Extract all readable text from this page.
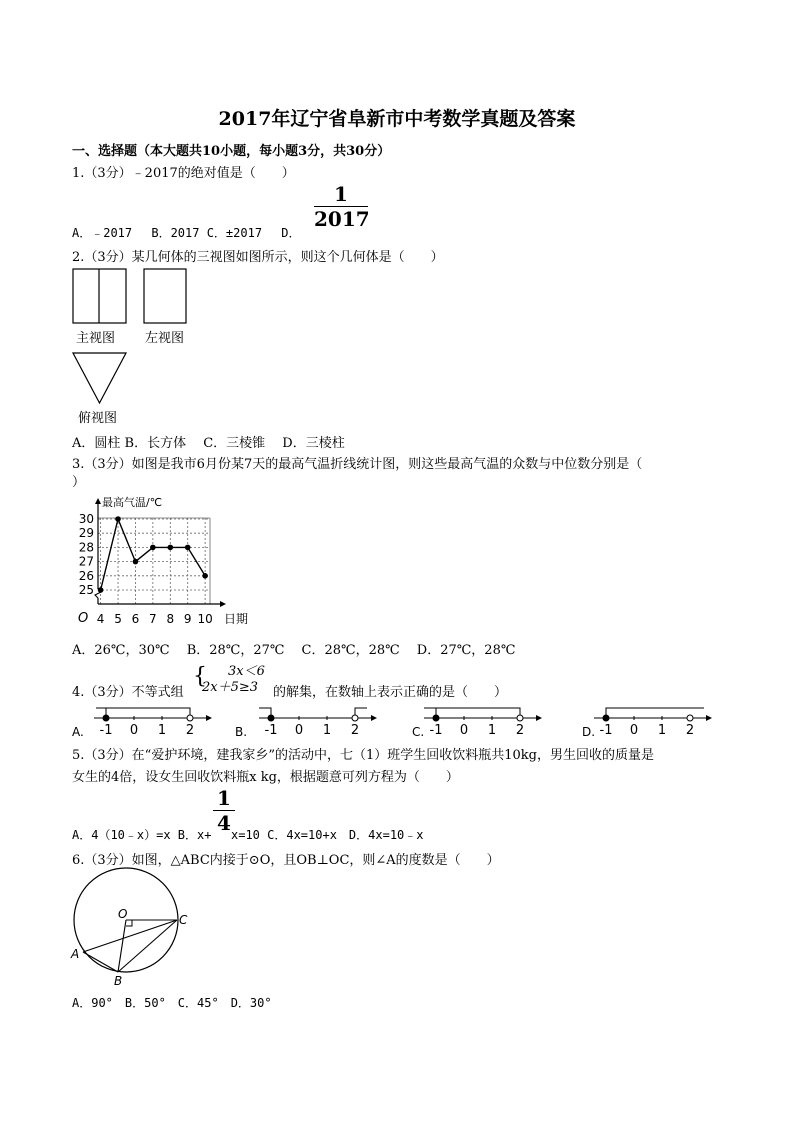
2017年辽宁省阜新市中考数学真题及答案
一、选择题（本大题共10小题，每小题3分，共30分）
1.（3分）﹣2017的绝对值是（　　）
$\frac{1}{2017}$
A．﹣2017　 B．2017 C．±2017　 D．
2.（3分）某几何体的三视图如图所示，则这个几何体是（　　）
主视图 左视图
俯视图
A．圆柱 B．长方体　 C．三棱锥　 D．三棱柱
3.（3分）如图是我市6月份某7天的最高气温折线统计图，则这些最高气温的众数与中位数分别是（
）
最高气温/℃
日期
O 4 5 6 7 8 9 10
25
26
27
28
29
30
A．26℃，30℃　 B．28℃，27℃　 C．28℃，28℃　 D．27℃，28℃
4.（3分）不等式组
{ 3x＜6
2x＋5≥3 的解集，在数轴上表示正确的是（　　）
A. -1 0 1 2	B. -1 0 1 2	C. -1 0 1 2	D. -1 0 1 2
5.（3分）在“爱护环境，建我家乡”的活动中，七（1）班学生回收饮料瓶共10kg，男生回收的质量是
女生的4倍，设女生回收饮料瓶x kg，根据题意可列方程为（　　）
$\frac{1}{4}$
A．4（10﹣x）=x B．x+ x=10 C．4x=10+x　D．4x=10﹣x
6.（3分）如图，△ABC内接于⊙O，且OB⊥OC，则∠A的度数是（　　）
O	C
A
B
A．90°　B．50°　C．45°　D．30°
